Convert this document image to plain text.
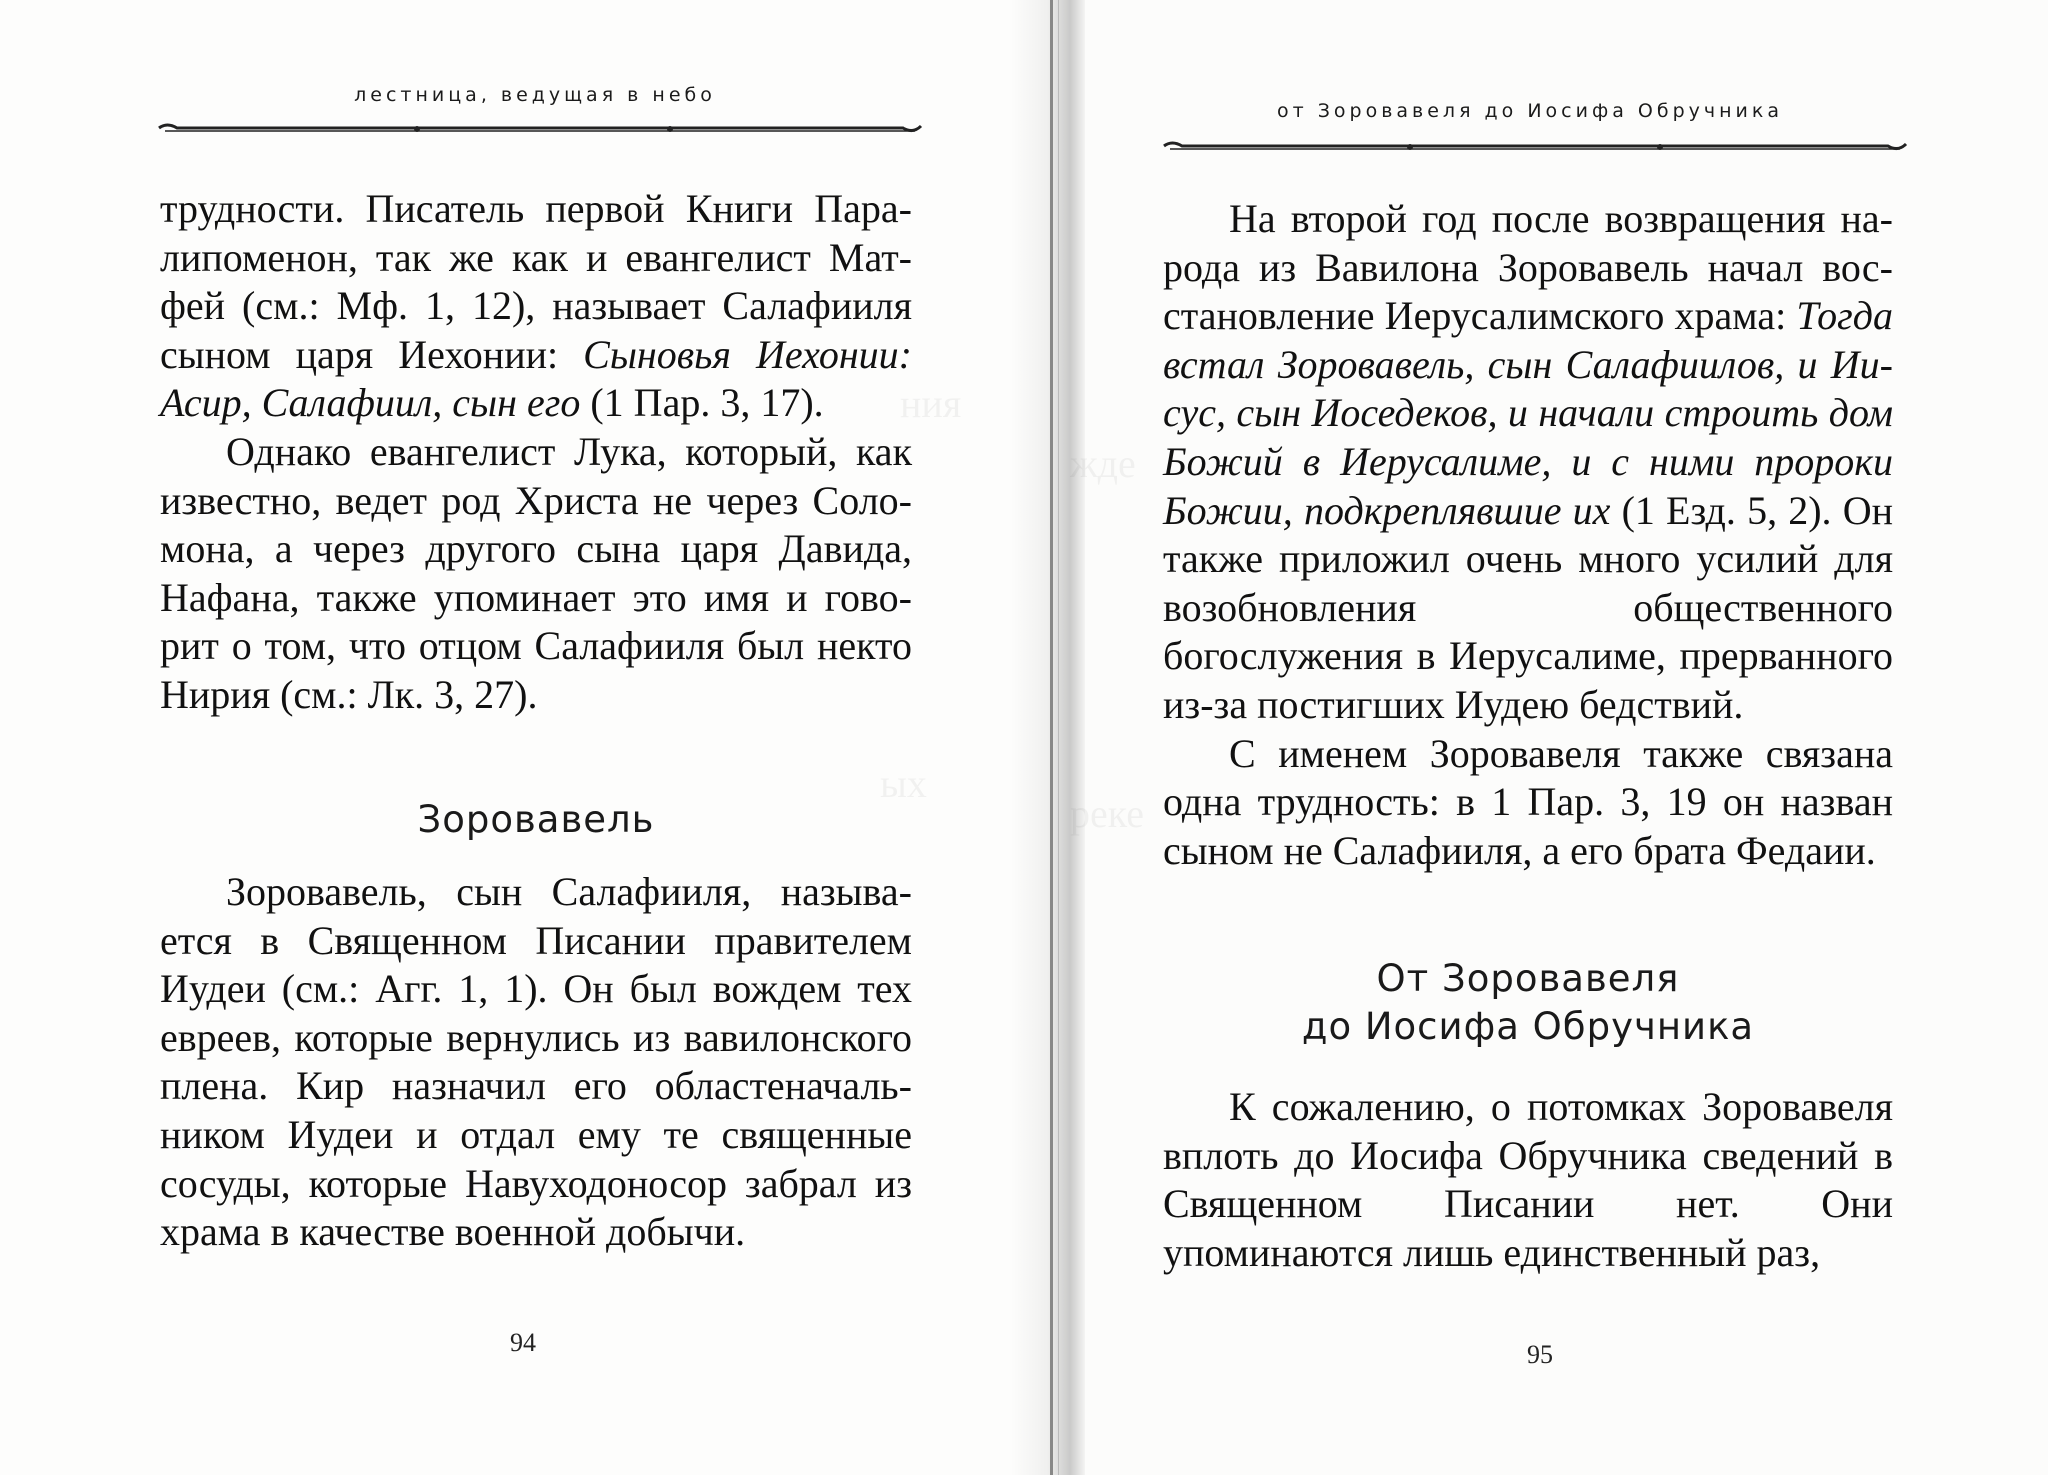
лестница, ведущая в небо

трудности. Писатель первой Книги Паралипоменон, так же как и евангелист Матфей (см.: Мф. 1, 12), называет Салафииля сыном царя Иехонии: Сыновья Иехонии: Асир, Салафиил, сын его (1 Пар. 3, 17).

Однако евангелист Лука, который, как известно, ведет род Христа не через Соломона, а через другого сына царя Давида, Нафана, также упоминает это имя и говорит о том, что отцом Салафииля был некто Нирия (см.: Лк. 3, 27).

Зоровавель

Зоровавель, сын Салафииля, называется в Священном Писании правителем Иудеи (см.: Агг. 1, 1). Он был вождем тех евреев, которые вернулись из вавилонского плена. Кир назначил его областеначальником Иудеи и отдал ему те священные сосуды, которые Навуходоносор забрал из храма в качестве военной добычи.

94
от Зоровавеля до Иосифа Обручника

На второй год после возвращения народа из Вавилона Зоровавель начал восстановление Иерусалимского храма: Тогда встал Зоровавель, сын Салафиилов, и Иисус, сын Иоседеков, и начали строить дом Божий в Иерусалиме, и с ними пророки Божии, подкреплявшие их (1 Езд. 5, 2). Он также приложил очень много усилий для возобновления общественного богослужения в Иерусалиме, прерванного из-за постигших Иудею бедствий.

С именем Зоровавеля также связана одна трудность: в 1 Пар. 3, 19 он назван сыном не Салафииля, а его брата Федаии.

От Зоровавеля
до Иосифа Обручника

К сожалению, о потомках Зоровавеля вплоть до Иосифа Обручника сведений в Священном Писании нет. Они упоминаются лишь единственный раз,

95
